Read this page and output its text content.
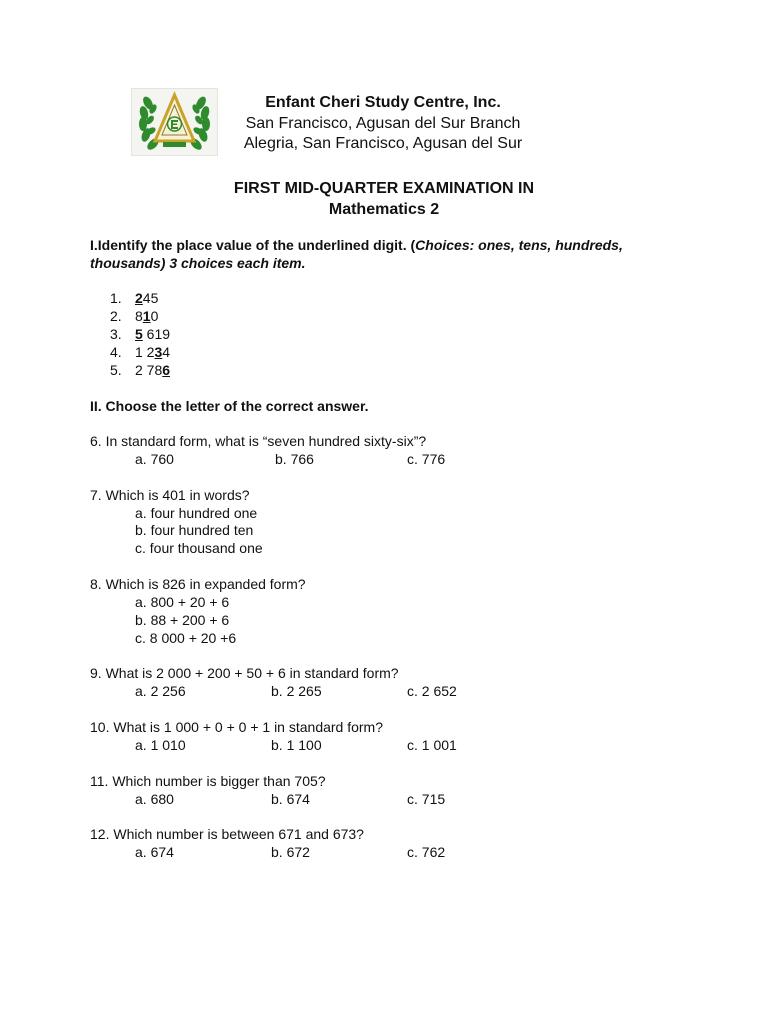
Enfant Cheri Study Centre, Inc.
San Francisco, Agusan del Sur Branch
Alegria, San Francisco, Agusan del Sur
FIRST MID-QUARTER EXAMINATION IN
Mathematics 2
I.Identify the place value of the underlined digit. (Choices: ones, tens, hundreds, thousands) 3 choices each item.
1. 245
2. 810
3. 5 619
4. 1 234
5. 2 786
II. Choose the letter of the correct answer.
6. In standard form, what is “seven hundred sixty-six”?
a. 760	b. 766	c. 776
7. Which is 401 in words?
a. four hundred one
b. four hundred ten
c. four thousand one
8. Which is 826 in expanded form?
a. 800 + 20 + 6
b. 88 + 200 + 6
c. 8 000 + 20 +6
9. What is 2 000 + 200 + 50 + 6 in standard form?
a. 2 256	b. 2 265	c. 2 652
10. What is 1 000 + 0 + 0 + 1 in standard form?
a. 1 010	b. 1 100	c. 1 001
11. Which number is bigger than 705?
a. 680	b. 674	c. 715
12. Which number is between 671 and 673?
a. 674	b. 672	c. 762
